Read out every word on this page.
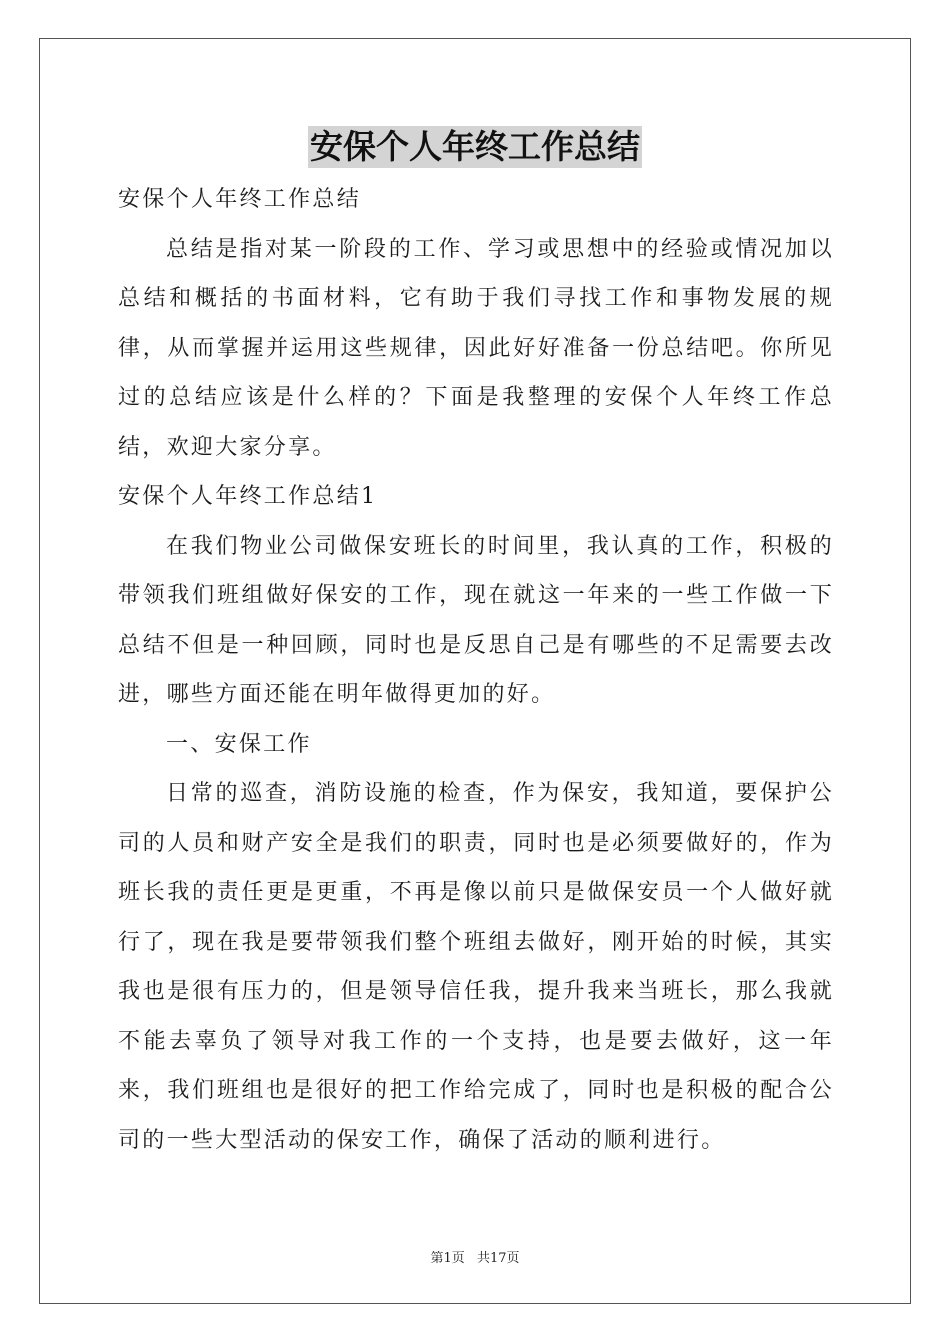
安保个人年终工作总结

安保个人年终工作总结

总结是指对某一阶段的工作、学习或思想中的经验或情况加以总结和概括的书面材料，它有助于我们寻找工作和事物发展的规律，从而掌握并运用这些规律，因此好好准备一份总结吧。你所见过的总结应该是什么样的？下面是我整理的安保个人年终工作总结，欢迎大家分享。

安保个人年终工作总结1

在我们物业公司做保安班长的时间里，我认真的工作，积极的带领我们班组做好保安的工作，现在就这一年来的一些工作做一下总结不但是一种回顾，同时也是反思自己是有哪些的不足需要去改进，哪些方面还能在明年做得更加的好。

一、安保工作

日常的巡查，消防设施的检查，作为保安，我知道，要保护公司的人员和财产安全是我们的职责，同时也是必须要做好的，作为班长我的责任更是更重，不再是像以前只是做保安员一个人做好就行了，现在我是要带领我们整个班组去做好，刚开始的时候，其实我也是很有压力的，但是领导信任我，提升我来当班长，那么我就不能去辜负了领导对我工作的一个支持，也是要去做好，这一年来，我们班组也是很好的把工作给完成了，同时也是积极的配合公司的一些大型活动的保安工作，确保了活动的顺利进行。

第1页 共17页
